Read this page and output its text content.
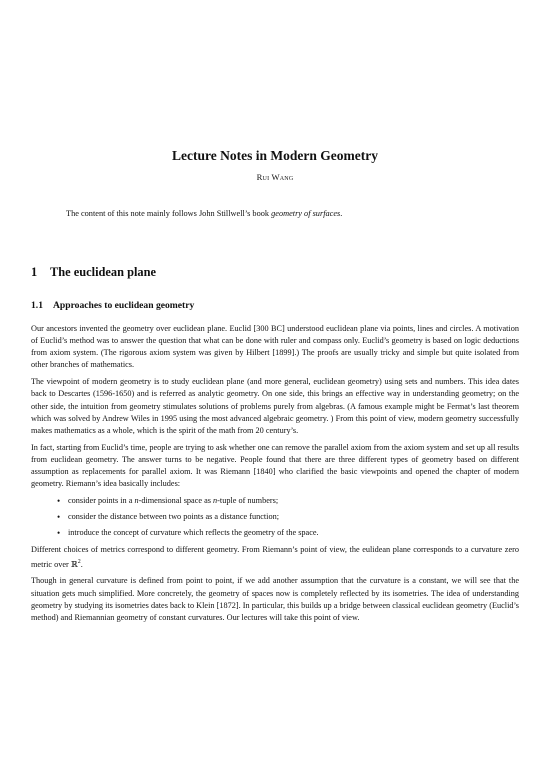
Lecture Notes in Modern Geometry
Rui Wang
The content of this note mainly follows John Stillwell’s book geometry of surfaces.
1 The euclidean plane
1.1 Approaches to euclidean geometry

Our ancestors invented the geometry over euclidean plane. Euclid [300 BC] understood euclidean plane via points, lines and circles. A motivation of Euclid’s method was to answer the question that what can be done with ruler and compass only. Euclid’s geometry is based on logic deductions from axiom system. (The rigorous axiom system was given by Hilbert [1899].) The proofs are usually tricky and simple but quite isolated from other branches of mathematics.

The viewpoint of modern geometry is to study euclidean plane (and more general, euclidean geometry) using sets and numbers. This idea dates back to Descartes (1596-1650) and is referred as analytic geometry. On one side, this brings an effective way in understanding geometry; on the other side, the intuition from geometry stimulates solutions of problems purely from algebras. (A famous example might be Fermat’s last theorem which was solved by Andrew Wiles in 1995 using the most advanced algebraic geometry. ) From this point of view, modern geometry successfully makes mathematics as a whole, which is the spirit of the math from 20 century’s.

In fact, starting from Euclid’s time, people are trying to ask whether one can remove the parallel axiom from the axiom system and set up all results from euclidean geometry. The answer turns to be negative. People found that there are three different types of geometry based on different assumption as replacements for parallel axiom. It was Riemann [1840] who clarified the basic viewpoints and opened the chapter of modern geometry. Riemann’s idea basically includes:

• consider points in a n-dimensional space as n-tuple of numbers;
• consider the distance between two points as a distance function;
• introduce the concept of curvature which reflects the geometry of the space.

Different choices of metrics correspond to different geometry. From Riemann’s point of view, the eulidean plane corresponds to a curvature zero metric over ℝ$^2$.

Though in general curvature is defined from point to point, if we add another assumption that the curvature is a constant, we will see that the situation gets much simplified. More concretely, the geometry of spaces now is completely reflected by its isometries. The idea of understanding geometry by studying its isometries dates back to Klein [1872]. In particular, this builds up a bridge between classical euclidean geometry (Euclid’s method) and Riemannian geometry of constant curvatures. Our lectures will take this point of view.
